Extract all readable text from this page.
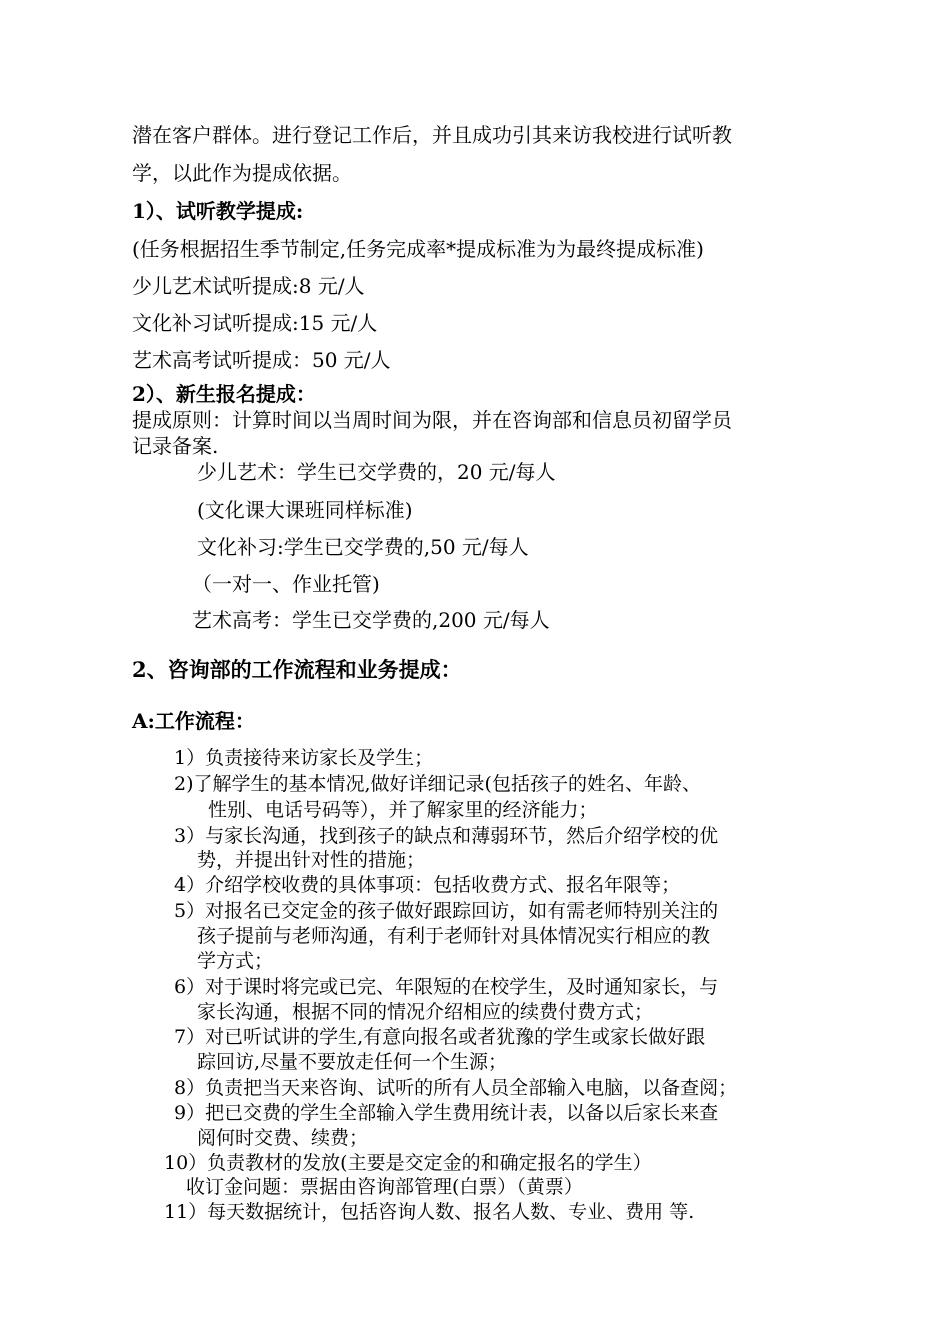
潜在客户群体。进行登记工作后，并且成功引其来访我校进行试听教
学，以此作为提成依据。
1）、试听教学提成:
(任务根据招生季节制定,任务完成率*提成标准为为最终提成标准)
少儿艺术试听提成:8 元/人
文化补习试听提成:15 元/人
艺术高考试听提成：50 元/人
2）、新生报名提成：
提成原则：计算时间以当周时间为限，并在咨询部和信息员初留学员
记录备案.
少儿艺术：学生已交学费的，20 元/每人
(文化课大课班同样标准)
文化补习:学生已交学费的,50 元/每人
（一对一、作业托管)
艺术高考：学生已交学费的,200 元/每人
2、咨询部的工作流程和业务提成：
A:工作流程：
1）负责接待来访家长及学生；
2)了解学生的基本情况,做好详细记录(包括孩子的姓名、年龄、
性别、电话号码等），并了解家里的经济能力；
3）与家长沟通，找到孩子的缺点和薄弱环节，然后介绍学校的优
势，并提出针对性的措施；
4）介绍学校收费的具体事项：包括收费方式、报名年限等；
5）对报名已交定金的孩子做好跟踪回访，如有需老师特别关注的
孩子提前与老师沟通，有利于老师针对具体情况实行相应的教
学方式；
6）对于课时将完或已完、年限短的在校学生，及时通知家长，与
家长沟通，根据不同的情况介绍相应的续费付费方式；
7）对已听试讲的学生,有意向报名或者犹豫的学生或家长做好跟
踪回访,尽量不要放走任何一个生源；
8）负责把当天来咨询、试听的所有人员全部输入电脑，以备查阅；
9）把已交费的学生全部输入学生费用统计表，以备以后家长来查
阅何时交费、续费；
10）负责教材的发放(主要是交定金的和确定报名的学生）
收订金问题：票据由咨询部管理(白票）（黄票）
11）每天数据统计，包括咨询人数、报名人数、专业、费用 等.
